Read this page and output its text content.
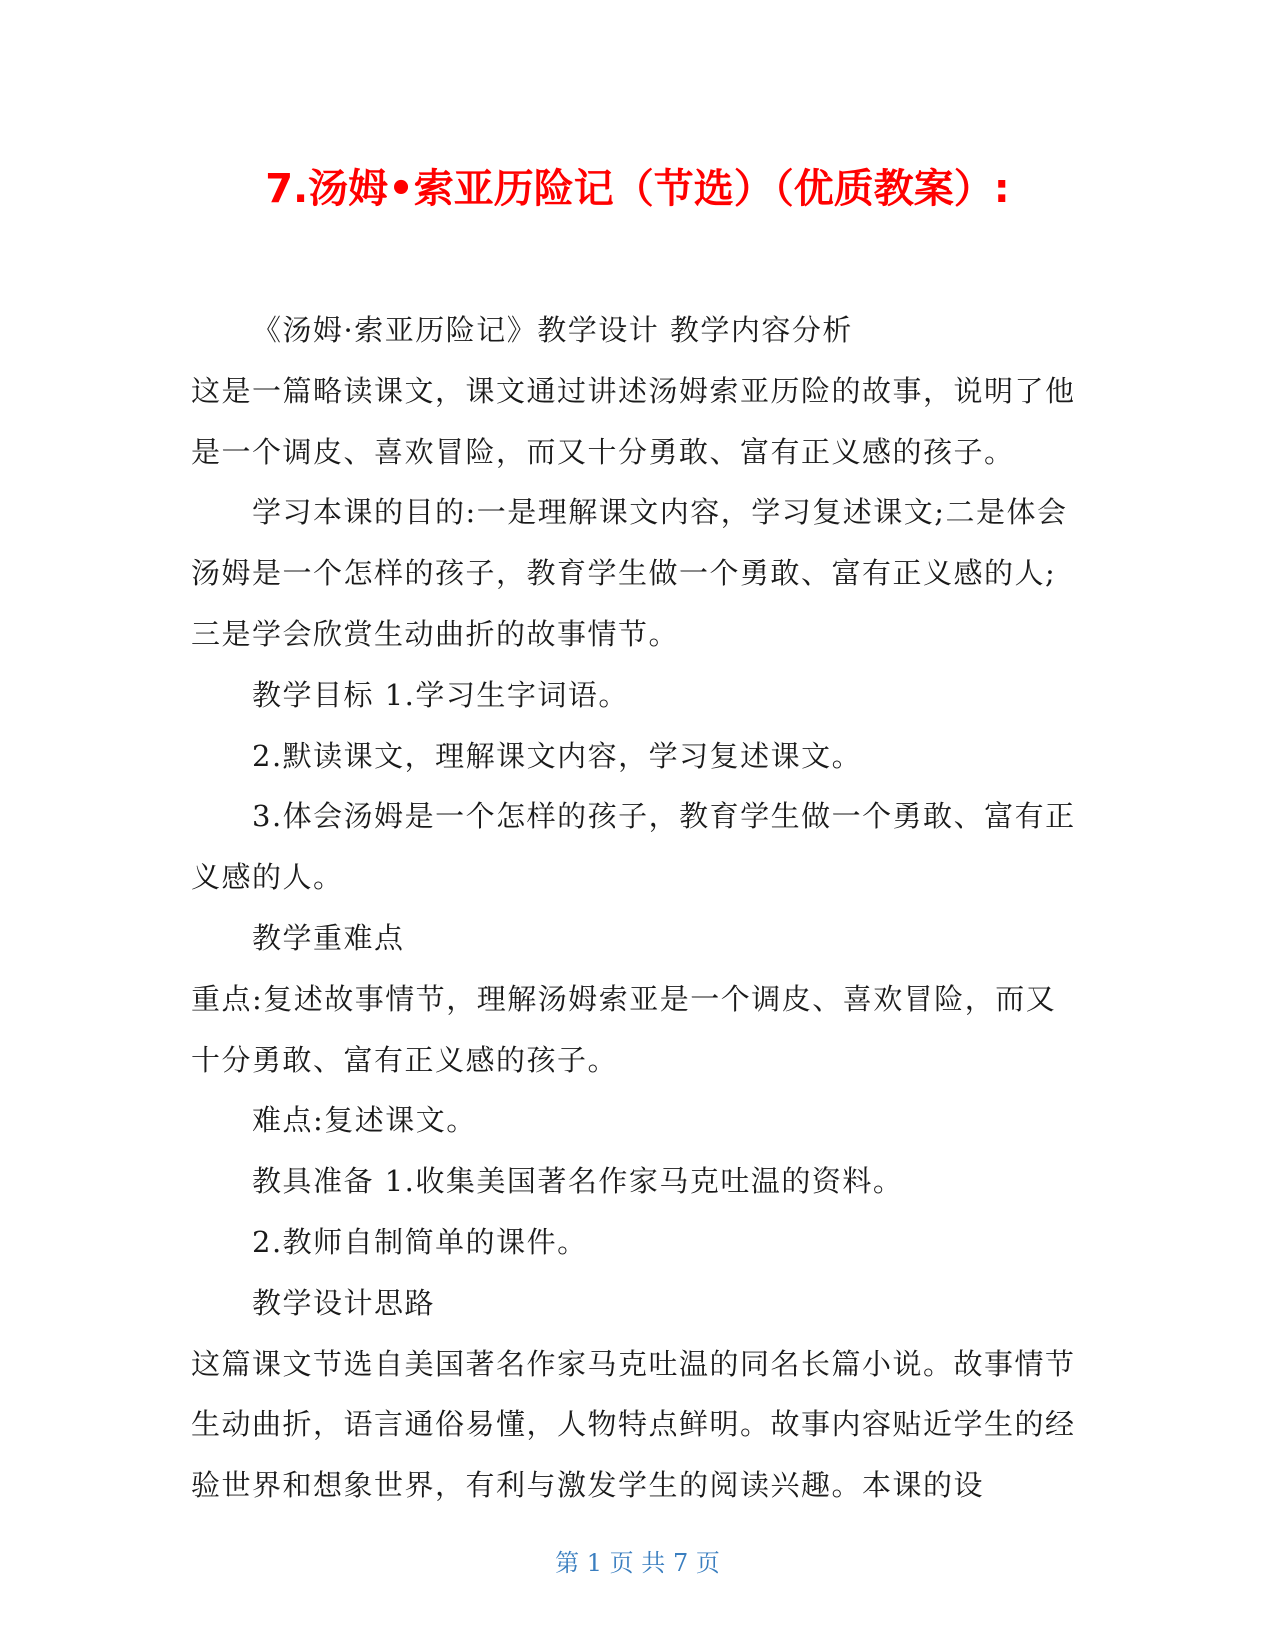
7.汤姆•索亚历险记（节选）（优质教案）:

《汤姆·索亚历险记》教学设计 教学内容分析

这是一篇略读课文，课文通过讲述汤姆索亚历险的故事，说明了他是一个调皮、喜欢冒险，而又十分勇敢、富有正义感的孩子。

学习本课的目的:一是理解课文内容，学习复述课文;二是体会汤姆是一个怎样的孩子，教育学生做一个勇敢、富有正义感的人;三是学会欣赏生动曲折的故事情节。

教学目标 1.学习生字词语。

2.默读课文，理解课文内容，学习复述课文。

3.体会汤姆是一个怎样的孩子，教育学生做一个勇敢、富有正义感的人。

教学重难点

重点:复述故事情节，理解汤姆索亚是一个调皮、喜欢冒险，而又十分勇敢、富有正义感的孩子。

难点:复述课文。

教具准备 1.收集美国著名作家马克吐温的资料。

2.教师自制简单的课件。

教学设计思路

这篇课文节选自美国著名作家马克吐温的同名长篇小说。故事情节生动曲折，语言通俗易懂，人物特点鲜明。故事内容贴近学生的经验世界和想象世界，有利与激发学生的阅读兴趣。本课的设

第 1 页 共 7 页
